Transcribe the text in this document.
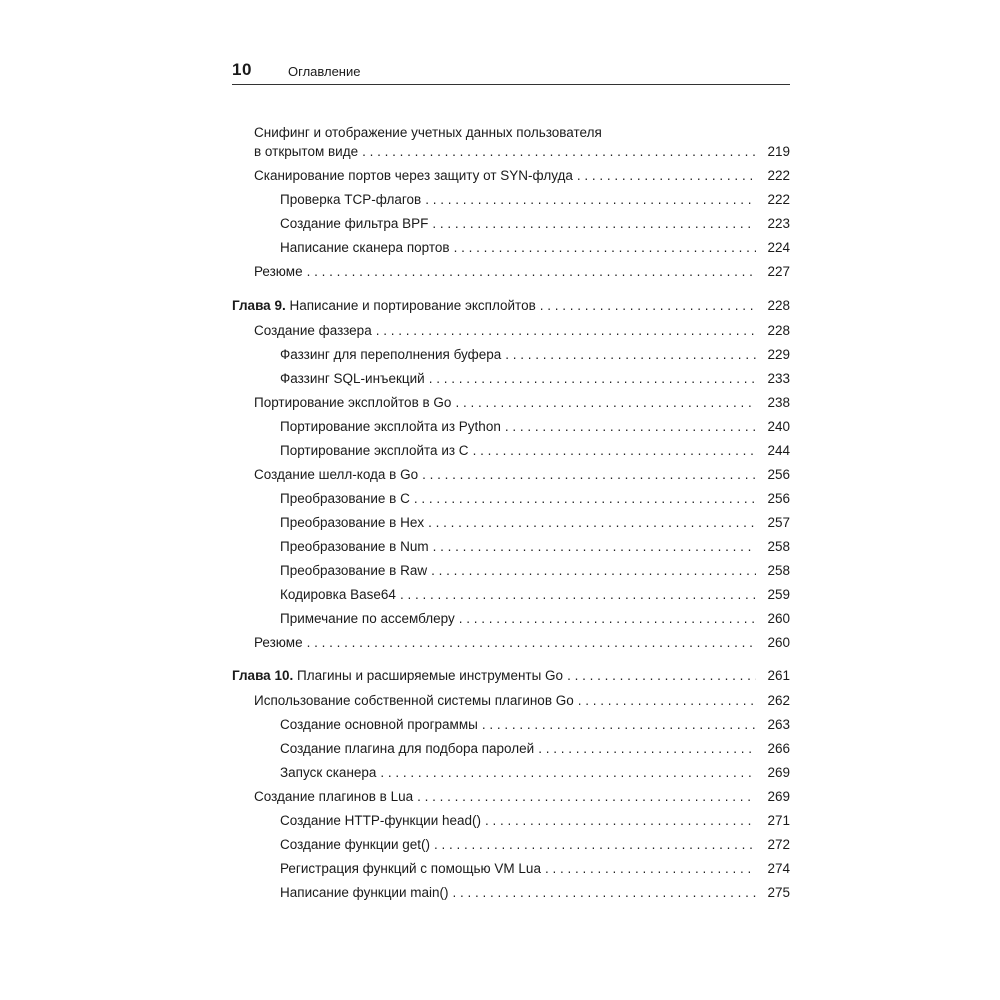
10	Оглавление
Снифинг и отображение учетных данных пользователя
в открытом виде . . .	219
Сканирование портов через защиту от SYN-флуда . . .	222
Проверка TCP-флагов . . .	222
Создание фильтра BPF . . .	223
Написание сканера портов . . .	224
Резюме . . .	227
Глава 9. Написание и портирование эксплойтов . . .	228
Создание фаззера . . .	228
Фаззинг для переполнения буфера . . .	229
Фаззинг SQL-инъекций . . .	233
Портирование эксплойтов в Go . . .	238
Портирование эксплойта из Python . . .	240
Портирование эксплойта из C . . .	244
Создание шелл-кода в Go . . .	256
Преобразование в C . . .	256
Преобразование в Hex . . .	257
Преобразование в Num . . .	258
Преобразование в Raw . . .	258
Кодировка Base64 . . .	259
Примечание по ассемблеру . . .	260
Резюме . . .	260
Глава 10. Плагины и расширяемые инструменты Go . . .	261
Использование собственной системы плагинов Go . . .	262
Создание основной программы . . .	263
Создание плагина для подбора паролей . . .	266
Запуск сканера . . .	269
Создание плагинов в Lua . . .	269
Создание HTTP-функции head() . . .	271
Создание функции get() . . .	272
Регистрация функций с помощью VM Lua . . .	274
Написание функции main() . . .	275
